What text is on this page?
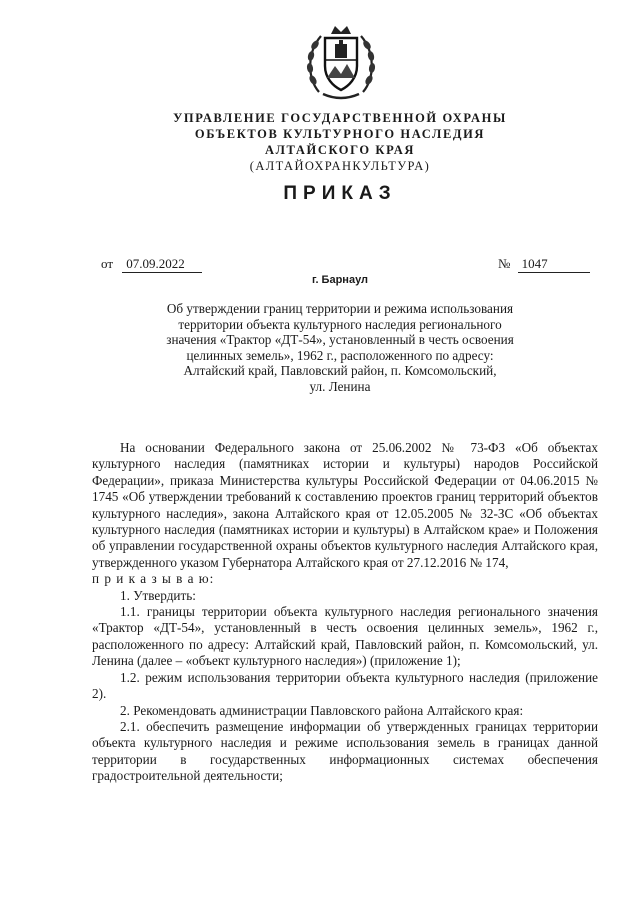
УПРАВЛЕНИЕ ГОСУДАРСТВЕННОЙ ОХРАНЫ
ОБЪЕКТОВ КУЛЬТУРНОГО НАСЛЕДИЯ
АЛТАЙСКОГО КРАЯ
(АЛТАЙОХРАНКУЛЬТУРА)
ПРИКАЗ
от 07.09.2022	№ 1047
г. Барнаул
Об утверждении границ территории и режима использования
территории объекта культурного наследия регионального
значения «Трактор «ДТ-54», установленный в честь освоения
целинных земель», 1962 г., расположенного по адресу:
Алтайский край, Павловский район, п. Комсомольский,
ул. Ленина

На основании Федерального закона от 25.06.2002 № 73-ФЗ «Об объектах культурного наследия (памятниках истории и культуры) народов Российской Федерации», приказа Министерства культуры Российской Федерации от 04.06.2015 № 1745 «Об утверждении требований к составлению проектов границ территорий объектов культурного наследия», закона Алтайского края от 12.05.2005 № 32-ЗС «Об объектах культурного наследия (памятниках истории и культуры) в Алтайском крае» и Положения об управлении государственной охраны объектов культурного наследия Алтайского края, утвержденного указом Губернатора Алтайского края от 27.12.2016 № 174,

п р и к а з ы в а ю:

1. Утвердить:

1.1. границы территории объекта культурного наследия регионального значения «Трактор «ДТ-54», установленный в честь освоения целинных земель», 1962 г., расположенного по адресу: Алтайский край, Павловский район, п. Комсомольский, ул. Ленина (далее – «объект культурного наследия») (приложение 1);

1.2. режим использования территории объекта культурного наследия (приложение 2).

2. Рекомендовать администрации Павловского района Алтайского края:

2.1. обеспечить размещение информации об утвержденных границах территории объекта культурного наследия и режиме использования земель в границах данной территории в государственных информационных системах обеспечения градостроительной деятельности;
